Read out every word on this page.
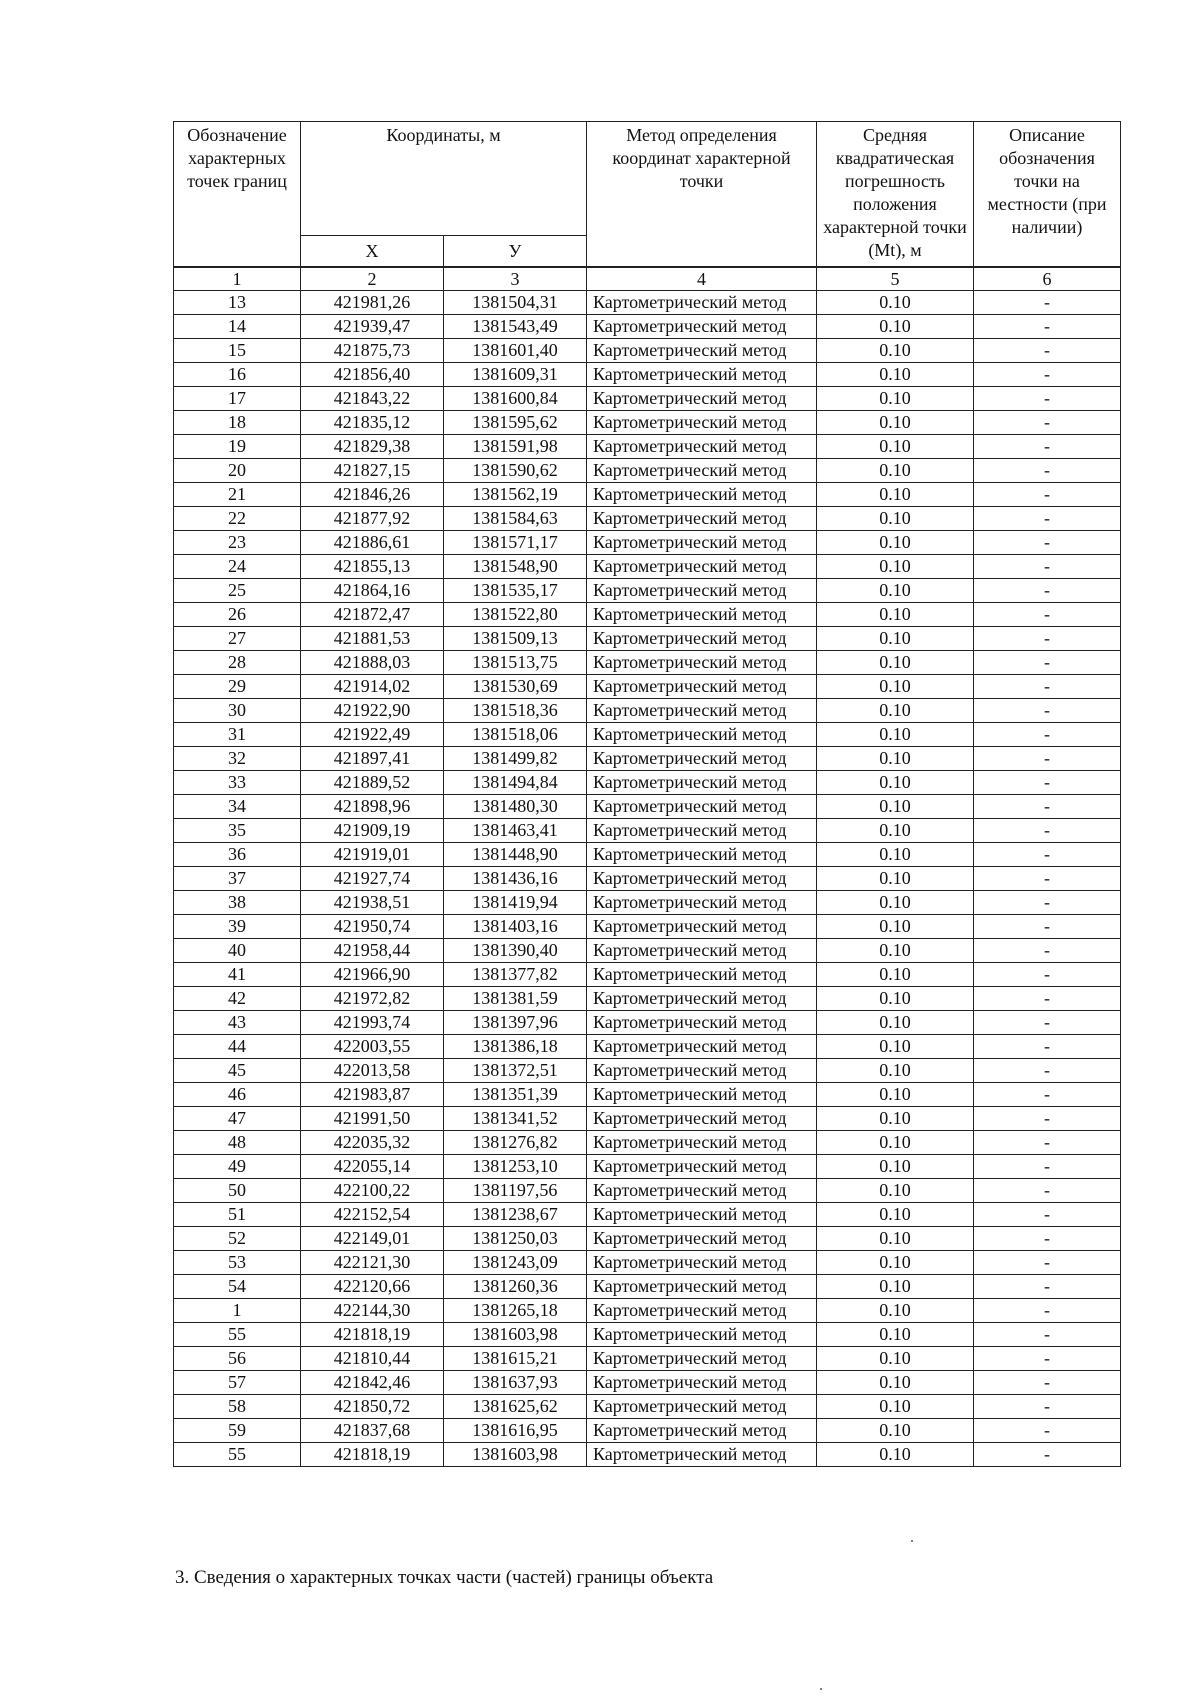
Обозначение характерных точек границ	Координаты, м		Метод определения координат характерной точки	Средняя квадратическая погрешность положения характерной точки (Mt), м	Описание обозначения точки на местности (при наличии)
	X	У			
1	2	3	4	5	6
13	421981,26	1381504,31	Картометрический метод	0.10	-
14	421939,47	1381543,49	Картометрический метод	0.10	-
15	421875,73	1381601,40	Картометрический метод	0.10	-
16	421856,40	1381609,31	Картометрический метод	0.10	-
17	421843,22	1381600,84	Картометрический метод	0.10	-
18	421835,12	1381595,62	Картометрический метод	0.10	-
19	421829,38	1381591,98	Картометрический метод	0.10	-
20	421827,15	1381590,62	Картометрический метод	0.10	-
21	421846,26	1381562,19	Картометрический метод	0.10	-
22	421877,92	1381584,63	Картометрический метод	0.10	-
23	421886,61	1381571,17	Картометрический метод	0.10	-
24	421855,13	1381548,90	Картометрический метод	0.10	-
25	421864,16	1381535,17	Картометрический метод	0.10	-
26	421872,47	1381522,80	Картометрический метод	0.10	-
27	421881,53	1381509,13	Картометрический метод	0.10	-
28	421888,03	1381513,75	Картометрический метод	0.10	-
29	421914,02	1381530,69	Картометрический метод	0.10	-
30	421922,90	1381518,36	Картометрический метод	0.10	-
31	421922,49	1381518,06	Картометрический метод	0.10	-
32	421897,41	1381499,82	Картометрический метод	0.10	-
33	421889,52	1381494,84	Картометрический метод	0.10	-
34	421898,96	1381480,30	Картометрический метод	0.10	-
35	421909,19	1381463,41	Картометрический метод	0.10	-
36	421919,01	1381448,90	Картометрический метод	0.10	-
37	421927,74	1381436,16	Картометрический метод	0.10	-
38	421938,51	1381419,94	Картометрический метод	0.10	-
39	421950,74	1381403,16	Картометрический метод	0.10	-
40	421958,44	1381390,40	Картометрический метод	0.10	-
41	421966,90	1381377,82	Картометрический метод	0.10	-
42	421972,82	1381381,59	Картометрический метод	0.10	-
43	421993,74	1381397,96	Картометрический метод	0.10	-
44	422003,55	1381386,18	Картометрический метод	0.10	-
45	422013,58	1381372,51	Картометрический метод	0.10	-
46	421983,87	1381351,39	Картометрический метод	0.10	-
47	421991,50	1381341,52	Картометрический метод	0.10	-
48	422035,32	1381276,82	Картометрический метод	0.10	-
49	422055,14	1381253,10	Картометрический метод	0.10	-
50	422100,22	1381197,56	Картометрический метод	0.10	-
51	422152,54	1381238,67	Картометрический метод	0.10	-
52	422149,01	1381250,03	Картометрический метод	0.10	-
53	422121,30	1381243,09	Картометрический метод	0.10	-
54	422120,66	1381260,36	Картометрический метод	0.10	-
1	422144,30	1381265,18	Картометрический метод	0.10	-
55	421818,19	1381603,98	Картометрический метод	0.10	-
56	421810,44	1381615,21	Картометрический метод	0.10	-
57	421842,46	1381637,93	Картометрический метод	0.10	-
58	421850,72	1381625,62	Картометрический метод	0.10	-
59	421837,68	1381616,95	Картометрический метод	0.10	-
55	421818,19	1381603,98	Картометрический метод	0.10	-
3. Сведения о характерных точках части (частей) границы объекта
